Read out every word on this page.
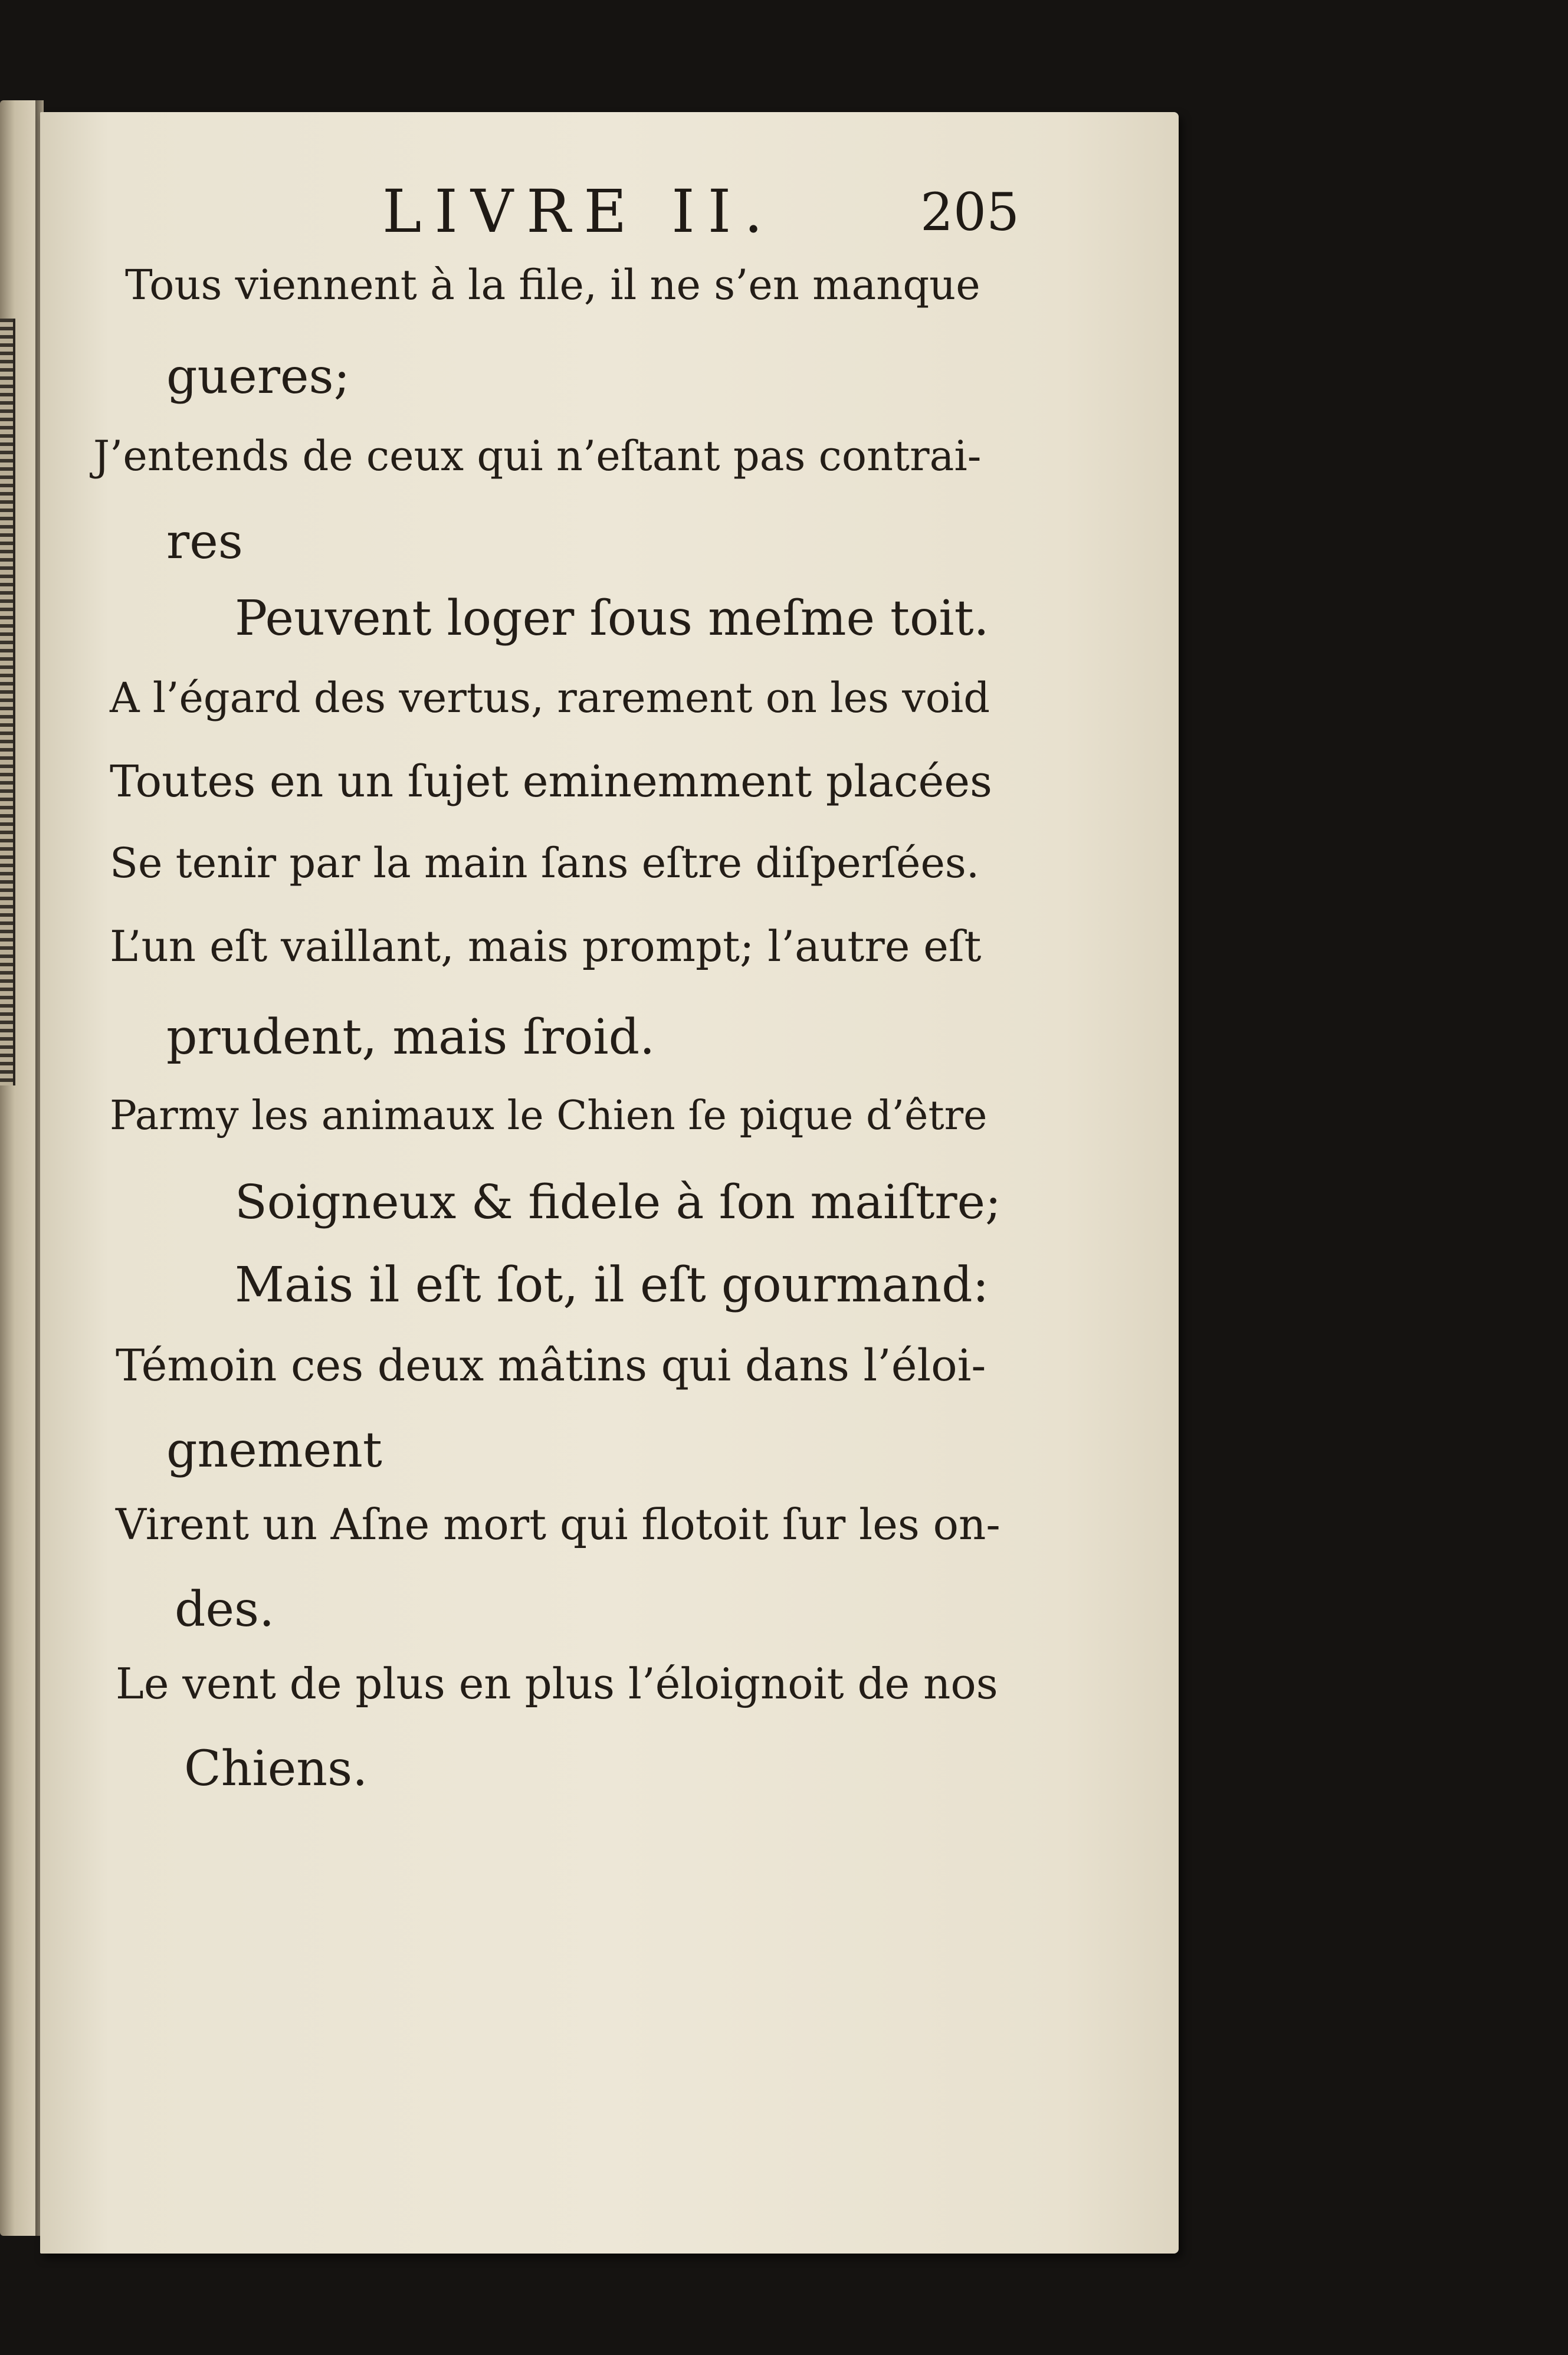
LIVRE II.	205
Tous viennent à la file, il ne s’en manque
gueres;
J’entends de ceux qui n’eſtant pas contrai-
res
Peuvent loger ſous meſme toit.
A l’égard des vertus, rarement on les void
Toutes en un ſujet eminemment placées
Se tenir par la main ſans eſtre diſperſées.
L’un eſt vaillant, mais prompt; l’autre eſt
prudent, mais ſroid.
Parmy les animaux le Chien ſe pique d’être
Soigneux & fidele à ſon maiſtre;
Mais il eſt ſot, il eſt gourmand:
Témoin ces deux mâtins qui dans l’éloi-
gnement
Virent un Aſne mort qui flotoit ſur les on-
des.
Le vent de plus en plus l’éloignoit de nos
Chiens.
